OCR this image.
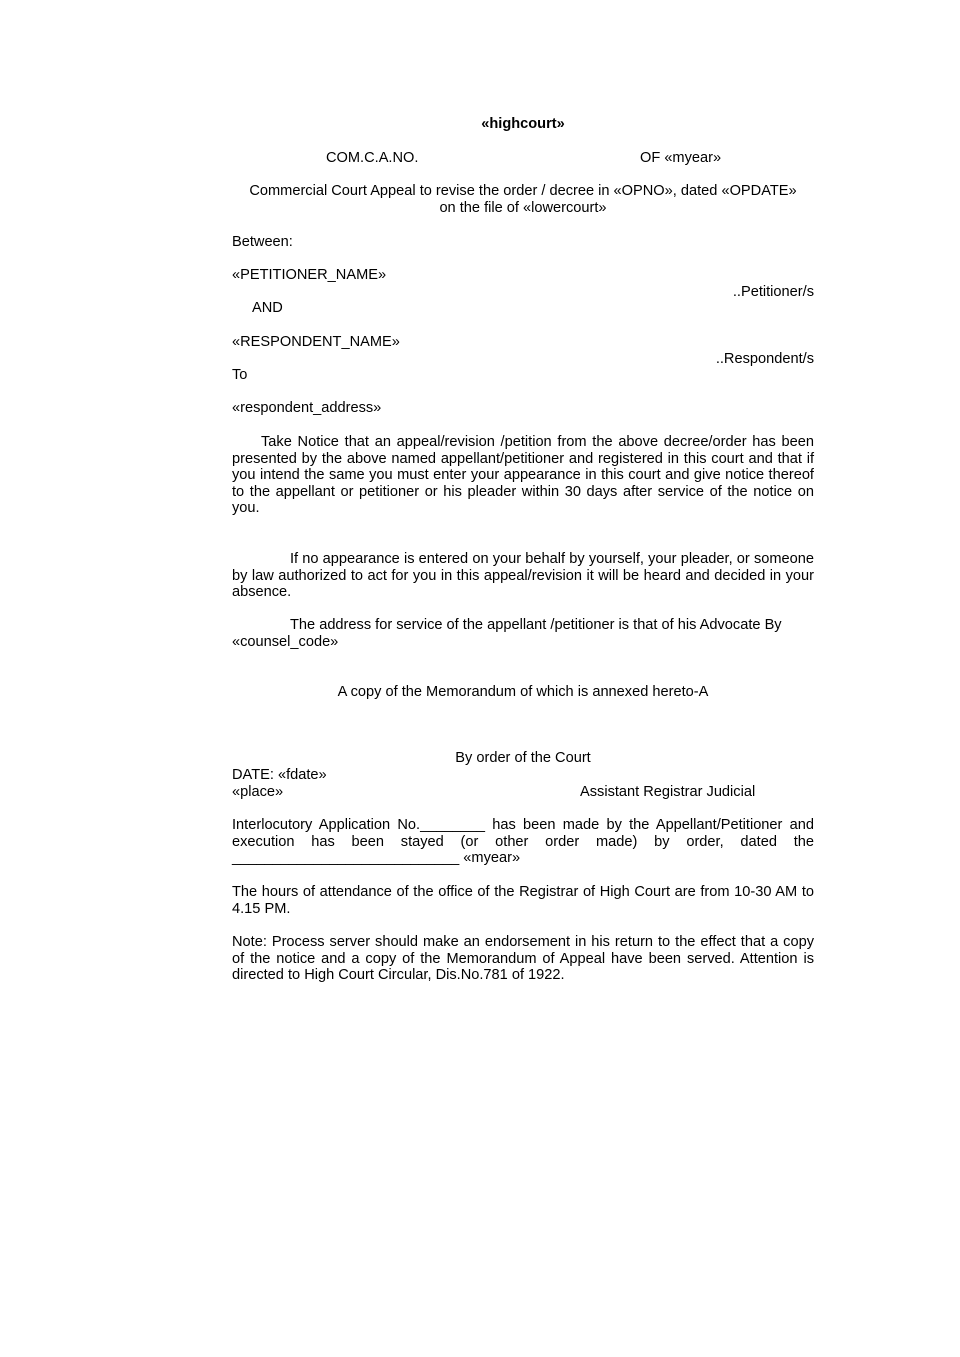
«highcourt»
COM.C.A.NO.	OF «myear»
Commercial Court Appeal to revise the order / decree in «OPNO», dated «OPDATE»
on the file of «lowercourt»
Between:
«PETITIONER_NAME»
..Petitioner/s
AND
«RESPONDENT_NAME»
..Respondent/s
To
«respondent_address»
Take Notice that an appeal/revision /petition from the above decree/order has been presented by the above named appellant/petitioner and registered in this court and that if you intend the same you must enter your appearance in this court and give notice thereof to the appellant or petitioner or his pleader within 30 days after service of the notice on you.
If no appearance is entered on your behalf by yourself, your pleader, or someone by law authorized to act for you in this appeal/revision it will be heard and decided in your absence.
The address for service of the appellant /petitioner is that of his Advocate By «counsel_code»
A copy of the Memorandum of which is annexed hereto-A
By order of the Court
DATE: «fdate»
«place»	Assistant Registrar Judicial
Interlocutory Application No.________ has been made by the Appellant/Petitioner and execution has been stayed (or other order made) by order, dated the ____________________________ «myear»
The hours of attendance of the office of the Registrar of High Court are from 10-30 AM to 4.15 PM.
Note: Process server should make an endorsement in his return to the effect that a copy of the notice and a copy of the Memorandum of Appeal have been served. Attention is directed to High Court Circular, Dis.No.781 of 1922.
